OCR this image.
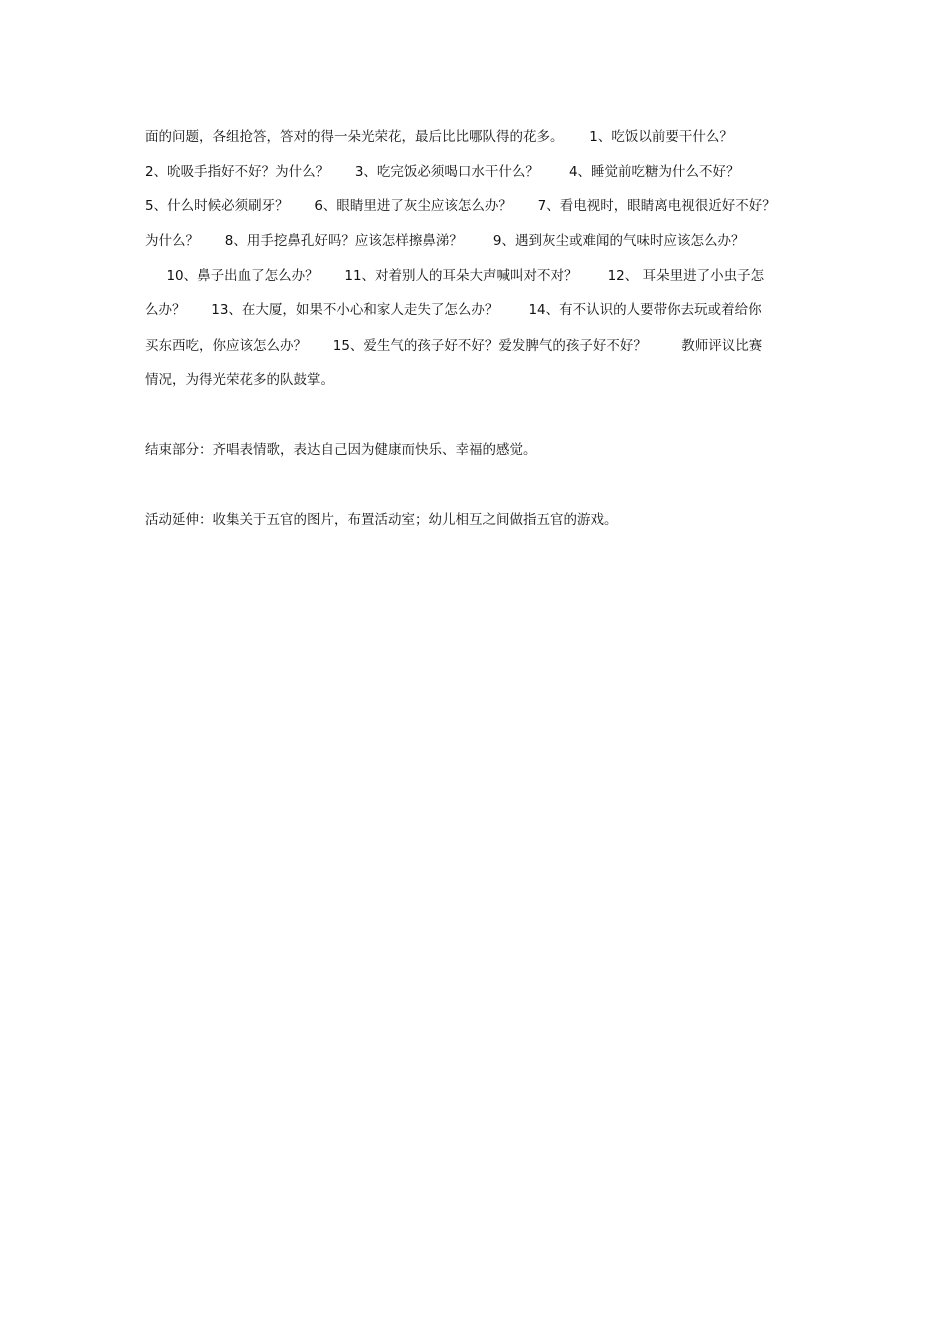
面的问题，各组抢答，答对的得一朵光荣花，最后比比哪队得的花多。      1、吃饭以前要干什么？
2、吮吸手指好不好？为什么？      3、吃完饭必须喝口水干什么？       4、睡觉前吃糖为什么不好？
5、什么时候必须刷牙？      6、眼睛里进了灰尘应该怎么办？      7、看电视时，眼睛离电视很近好不好？
为什么？      8、用手挖鼻孔好吗？应该怎样擦鼻涕？       9、遇到灰尘或难闻的气味时应该怎么办？
10、鼻子出血了怎么办？      11、对着别人的耳朵大声喊叫对不对？       12、 耳朵里进了小虫子怎
么办？      13、在大厦，如果不小心和家人走失了怎么办？       14、有不认识的人要带你去玩或着给你
买东西吃，你应该怎么办？      15、爱生气的孩子好不好？爱发脾气的孩子好不好？        教师评议比赛
情况，为得光荣花多的队鼓掌。
结束部分：齐唱表情歌，表达自己因为健康而快乐、幸福的感觉。
活动延伸：收集关于五官的图片，布置活动室；幼儿相互之间做指五官的游戏。
